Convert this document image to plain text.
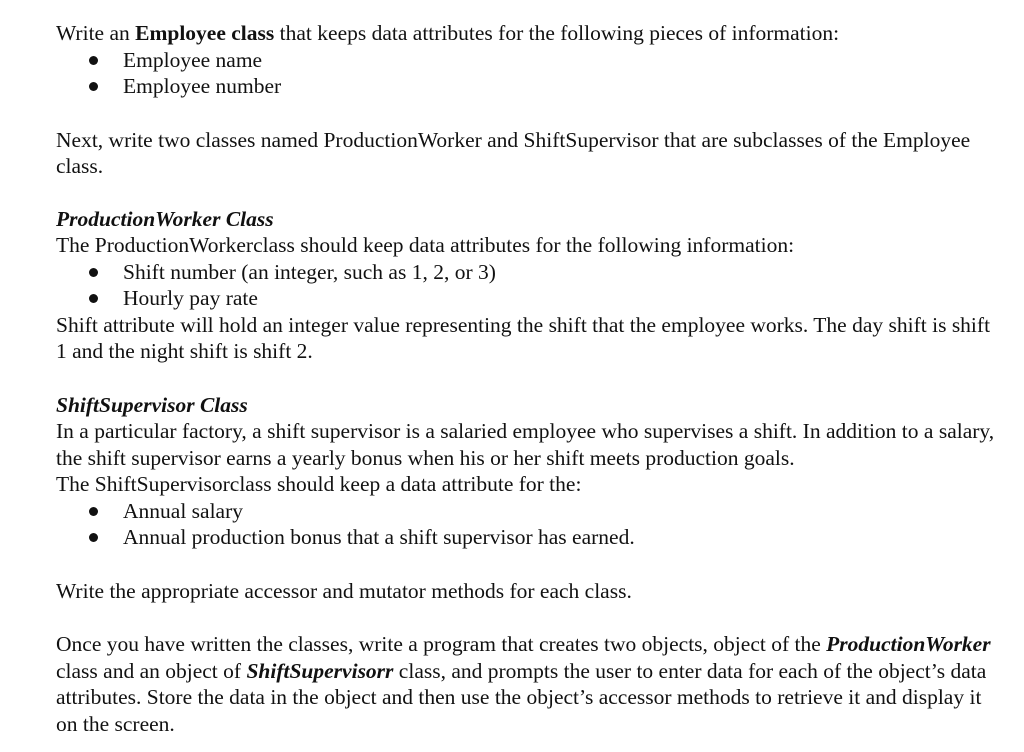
Write an Employee class that keeps data attributes for the following pieces of information:

Employee name
Employee number

Next, write two classes named ProductionWorker and ShiftSupervisor that are subclasses of the Employee class.

ProductionWorker Class

The ProductionWorkerclass should keep data attributes for the following information:

Shift number (an integer, such as 1, 2, or 3)
Hourly pay rate

Shift attribute will hold an integer value representing the shift that the employee works. The day shift is shift 1 and the night shift is shift 2.

ShiftSupervisor Class

In a particular factory, a shift supervisor is a salaried employee who supervises a shift. In addition to a salary, the shift supervisor earns a yearly bonus when his or her shift meets production goals.

The ShiftSupervisorclass should keep a data attribute for the:

Annual salary
Annual production bonus that a shift supervisor has earned.

Write the appropriate accessor and mutator methods for each class.

Once you have written the classes, write a program that creates two objects, object of the ProductionWorker class and an object of ShiftSupervisorr class, and prompts the user to enter data for each of the object’s data attributes. Store the data in the object and then use the object’s accessor methods to retrieve it and display it on the screen.
